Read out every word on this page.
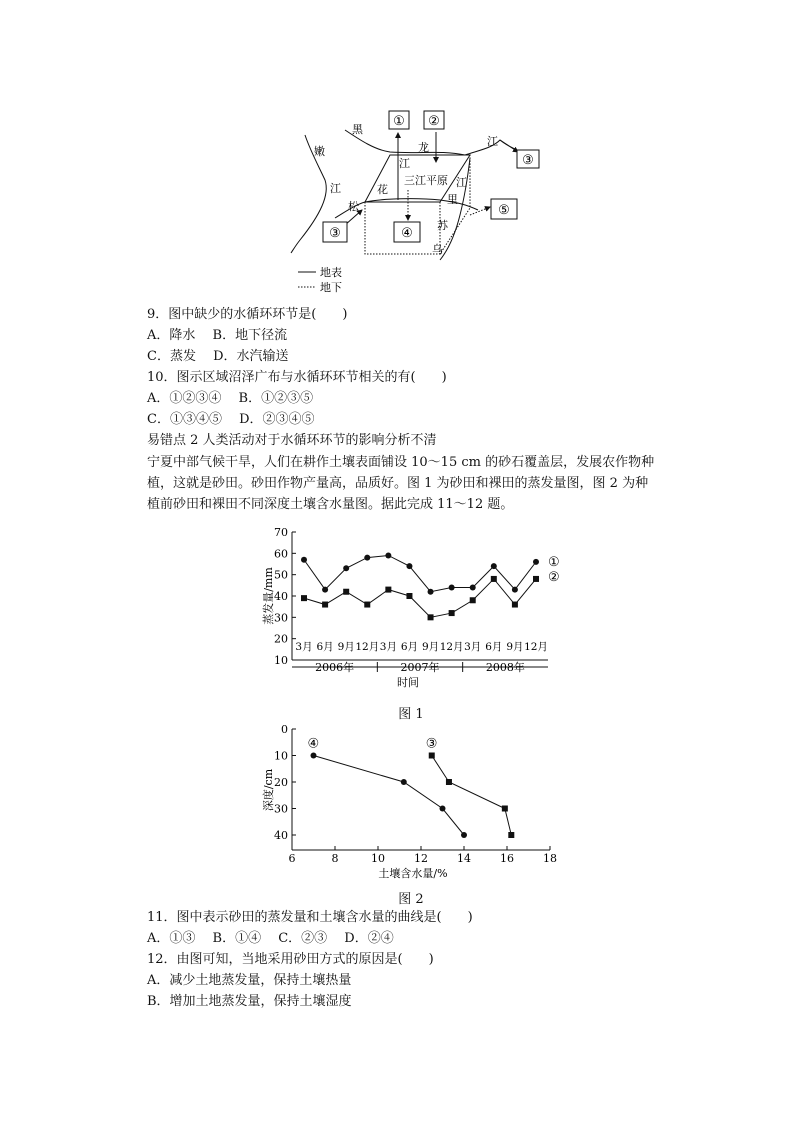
① ②
③
③	④
⑤
黑
龙	江
嫩
江
松
花
江
三江平原 江
里
苏
乌
地表
地下
9．图中缺少的水循环环节是(　　)
A．降水　 B．地下径流
C．蒸发　 D．水汽输送
10．图示区域沼泽广布与水循环环节相关的有(　　)
A．①②③④　 B．①②③⑤
C．①③④⑤　 D．②③④⑤
易错点 2 人类活动对于水循环环节的影响分析不清
宁夏中部气候干旱，人们在耕作土壤表面铺设 10～15 cm 的砂石覆盖层，发展农作物种植，这就是砂田。砂田作物产量高，品质好。图 1 为砂田和裸田的蒸发量图，图 2 为种植前砂田和裸田不同深度土壤含水量图。据此完成 11～12 题。
10
20
30
40
50
60
70
蒸发量/mm
3月 6月 9月 12月 3月 6月 9月 12月 3月 6月 9月 12月
2006年	2007年	2008年
时间
①
②
图 1
0
10
20
30
40
6	8	10	12	14	16	18
深度/cm
土壤含水量/%
④	③
图 2
11．图中表示砂田的蒸发量和土壤含水量的曲线是(　　)
A．①③　 B．①④　 C．②③　 D．②④
12．由图可知，当地采用砂田方式的原因是(　　)
A．减少土地蒸发量，保持土壤热量
B．增加土地蒸发量，保持土壤湿度
